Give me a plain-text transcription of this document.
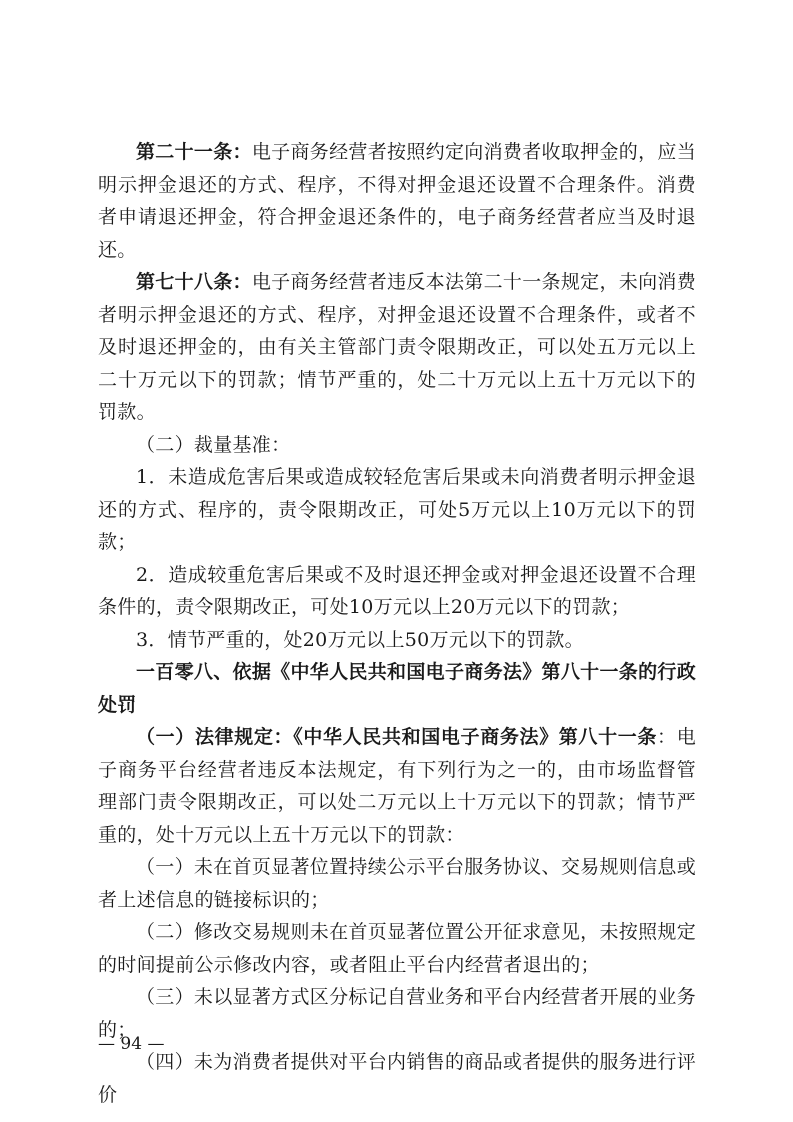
第二十一条：电子商务经营者按照约定向消费者收取押金的，应当明示押金退还的方式、程序，不得对押金退还设置不合理条件。消费者申请退还押金，符合押金退还条件的，电子商务经营者应当及时退还。

第七十八条：电子商务经营者违反本法第二十一条规定，未向消费者明示押金退还的方式、程序，对押金退还设置不合理条件，或者不及时退还押金的，由有关主管部门责令限期改正，可以处五万元以上二十万元以下的罚款；情节严重的，处二十万元以上五十万元以下的罚款。

（二）裁量基准：

1．未造成危害后果或造成较轻危害后果或未向消费者明示押金退还的方式、程序的，责令限期改正，可处5万元以上10万元以下的罚款；

2．造成较重危害后果或不及时退还押金或对押金退还设置不合理条件的，责令限期改正，可处10万元以上20万元以下的罚款；

3．情节严重的，处20万元以上50万元以下的罚款。

一百零八、依据《中华人民共和国电子商务法》第八十一条的行政处罚

（一）法律规定：《中华人民共和国电子商务法》第八十一条：电子商务平台经营者违反本法规定，有下列行为之一的，由市场监督管理部门责令限期改正，可以处二万元以上十万元以下的罚款；情节严重的，处十万元以上五十万元以下的罚款：

（一）未在首页显著位置持续公示平台服务协议、交易规则信息或者上述信息的链接标识的；

（二）修改交易规则未在首页显著位置公开征求意见，未按照规定的时间提前公示修改内容，或者阻止平台内经营者退出的；

（三）未以显著方式区分标记自营业务和平台内经营者开展的业务的；

（四）未为消费者提供对平台内销售的商品或者提供的服务进行评价

— 94 —
